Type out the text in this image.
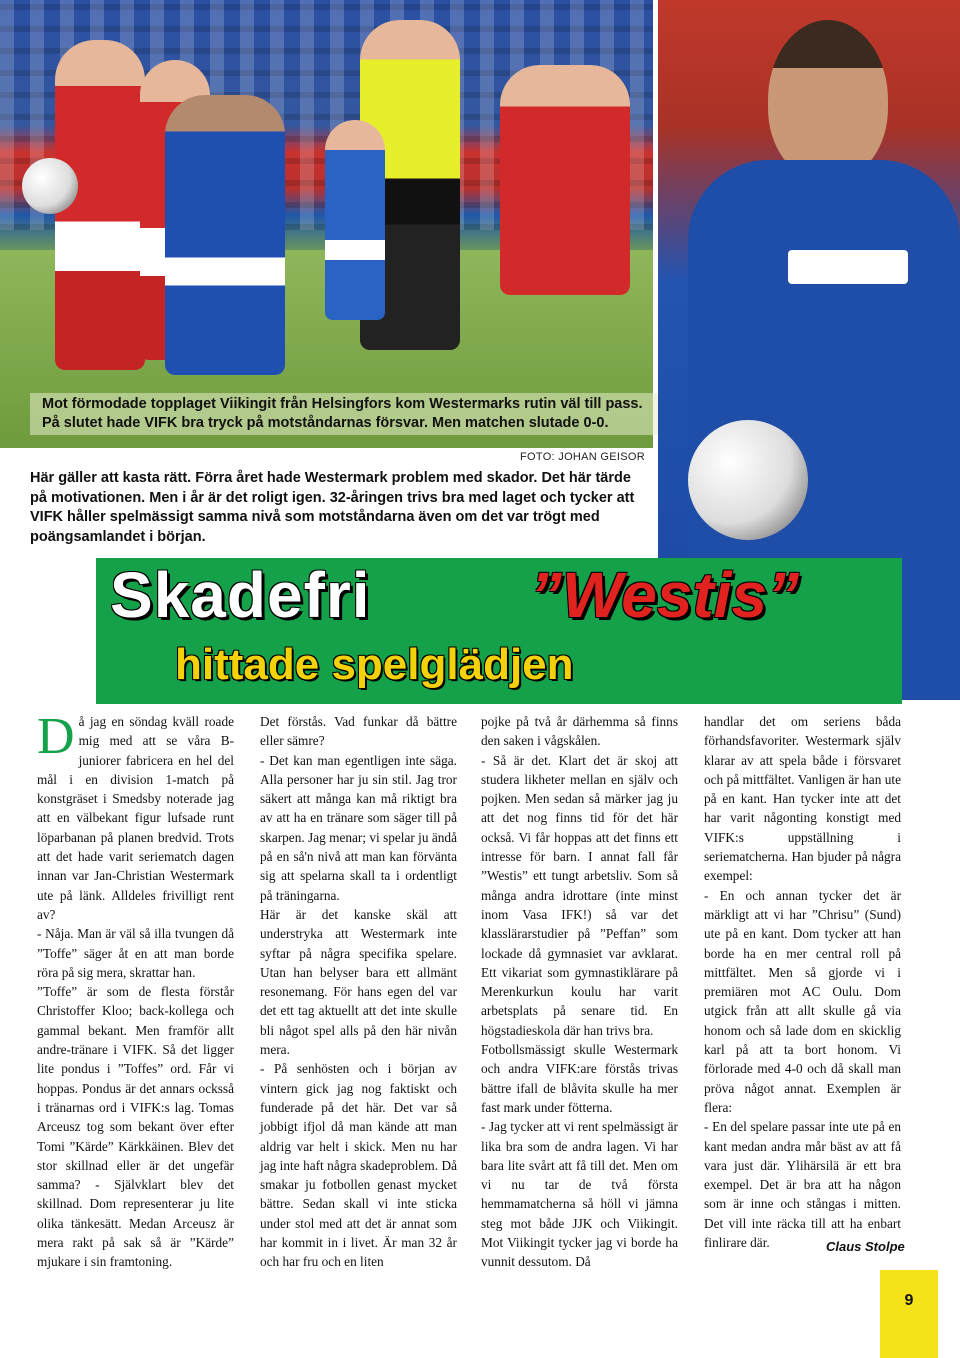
Mot förmodade topplaget Viikingit från Helsingfors kom Westermarks rutin väl till pass. På slutet hade VIFK bra tryck på motståndarnas försvar. Men matchen slutade 0-0.
FOTO: JOHAN GEISOR
Här gäller att kasta rätt. Förra året hade Westermark problem med skador. Det här tärde på motivationen. Men i år är det roligt igen. 32-åringen trivs bra med laget och tycker att VIFK håller spelmässigt samma nivå som motståndarna även om det var trögt med poängsamlandet i början.
Skadefri ”Westis”
hittade spelglädjen
D å jag en söndag kväll roade mig med att se våra B-juniorer fabricera en hel del mål i en division 1-match på konstgräset i Smedsby noterade jag att en välbekant figur lufsade runt löparbanan på planen bredvid. Trots att det hade varit seriematch dagen innan var Jan-Christian Westermark ute på länk. Alldeles frivilligt rent av?

- Nåja. Man är väl så illa tvungen då ”Toffe” säger åt en att man borde röra på sig mera, skrattar han.

”Toffe” är som de flesta förstår Christoffer Kloo; back-kollega och gammal bekant. Men framför allt andre-tränare i VIFK. Så det ligger lite pondus i ”Toffes” ord. Får vi hoppas. Pondus är det annars ocksså i tränarnas ord i VIFK:s lag. Tomas Arceusz tog som bekant över efter Tomi ”Kärde” Kärkkäinen. Blev det stor skillnad eller är det ungefär samma? - Självklart blev det skillnad. Dom representerar ju lite olika tänkesätt. Medan Arceusz är mera rakt på sak så är ”Kärde” mjukare i sin framtoning.

Det förstås. Vad funkar då bättre eller sämre?

- Det kan man egentligen inte säga. Alla personer har ju sin stil. Jag tror säkert att många kan må riktigt bra av att ha en tränare som säger till på skarpen. Jag menar; vi spelar ju ändå på en så'n nivå att man kan förvänta sig att spelarna skall ta i ordentligt på träningarna.

Här är det kanske skäl att understryka att Westermark inte syftar på några specifika spelare. Utan han belyser bara ett allmänt resonemang. För hans egen del var det ett tag aktuellt att det inte skulle bli något spel alls på den här nivån mera.

- På senhösten och i början av vintern gick jag nog faktiskt och funderade på det här. Det var så jobbigt ifjol då man kände att man aldrig var helt i skick. Men nu har jag inte haft några skadeproblem. Då smakar ju fotbollen genast mycket bättre. Sedan skall vi inte sticka under stol med att det är annat som har kommit in i livet. Är man 32 år och har fru och en liten

pojke på två år därhemma så finns den saken i vågskålen.

- Så är det. Klart det är skoj att studera likheter mellan en själv och pojken. Men sedan så märker jag ju att det nog finns tid för det här också. Vi får hoppas att det finns ett intresse för barn. I annat fall får ”Westis” ett tungt arbetsliv. Som så många andra idrottare (inte minst inom Vasa IFK!) så var det klasslärarstudier på ”Peffan” som lockade då gymnasiet var avklarat. Ett vikariat som gymnastiklärare på Merenkurkun koulu har varit arbetsplats på senare tid. En högstadieskola där han trivs bra.

Fotbollsmässigt skulle Westermark och andra VIFK:are förstås trivas bättre ifall de blåvita skulle ha mer fast mark under fötterna.

- Jag tycker att vi rent spelmässigt är lika bra som de andra lagen. Vi har bara lite svårt att få till det. Men om vi nu tar de två första hemmamatcherna så höll vi jämna steg mot både JJK och Viikingit. Mot Viikingit tycker jag vi borde ha vunnit dessutom. Då

handlar det om seriens båda förhandsfavoriter. Westermark själv klarar av att spela både i försvaret och på mittfältet. Vanligen är han ute på en kant. Han tycker inte att det har varit någonting konstigt med VIFK:s uppställning i seriematcherna. Han bjuder på några exempel:

- En och annan tycker det är märkligt att vi har ”Chrisu” (Sund) ute på en kant. Dom tycker att han borde ha en mer central roll på mittfältet. Men så gjorde vi i premiären mot AC Oulu. Dom utgick från att allt skulle gå via honom och så lade dom en skicklig karl på att ta bort honom. Vi förlorade med 4-0 och då skall man pröva något annat. Exemplen är flera:

- En del spelare passar inte ute på en kant medan andra mår bäst av att få vara just där. Ylihärsilä är ett bra exempel. Det är bra att ha någon som är inne och stångas i mitten. Det vill inte räcka till att ha enbart finlirare där.	Claus Stolpe
9
